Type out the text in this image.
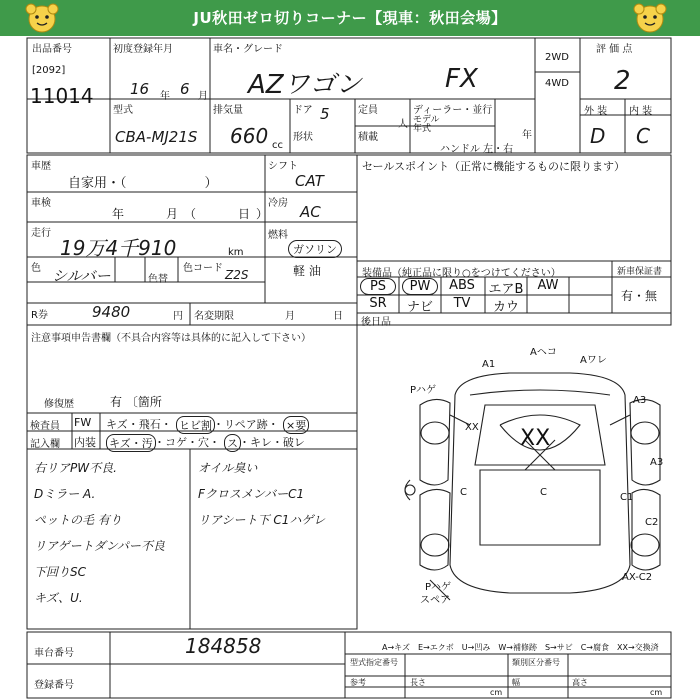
JU秋田ゼロ切りコーナー【現車：秋田会場】
出品番号
[2092]
11014
初度登録年月
16 年 6 月
車名・グレード
AZワゴン	FX
2WD
4WD
評 価 点
2
外 装 内 装
D C
型式
CBA-MJ21S
排気量
660 cc
ドア 5	定員
人
形状	積載
ディーラー・並行
モデル
年式
年
ハンドル 左・右
車歴
自家用・（　　　　　　）
車検
年　　月（　　日）
走行
19万4千910	km
色 シルバー	色替
色コード Z2S
シフト
CAT
冷房 AC
燃料
ガソリン
軽 油
R券	9480	円 名変期限	月　　　日
セールスポイント（正常に機能するものに限ります）
装備品（純正品に限り○をつけてください）	新車保証書
有・無
PS	PW	ABS	エアB	AW
SR	ナビ	TV	カウ
後日品
注意事項申告書欄（不具合内容等は具体的に記入して下さい）
修復歴	有 〔箇所
検査員
記入欄
FW キズ・飛石・ ヒビ割 ・リペア跡・ ×要
内装 キズ・汚 ・コゲ・穴・ ス ・キレ・破レ
右リアPW不良.
Dミラー A.
ペットの毛 有り
リアゲートダンパー不良
下回りSC
キズ、U.
オイル臭い
FクロスメンバーC1
リアシート下 C1ハゲレ
A1
Aヘコ
Pハゲ
Aワレ
A3
XX XX
A3
C	C1
C2
Pハゲ
AX-C2
C
スペア
A→キズ　E→エクボ　U→凹み　W→補修跡　S→サビ　C→腐食　XX→交換済
車台番号	184858
登録番号
型式指定番号	類別区分番号
参考	長さ
cm
幅	高さ
cm
